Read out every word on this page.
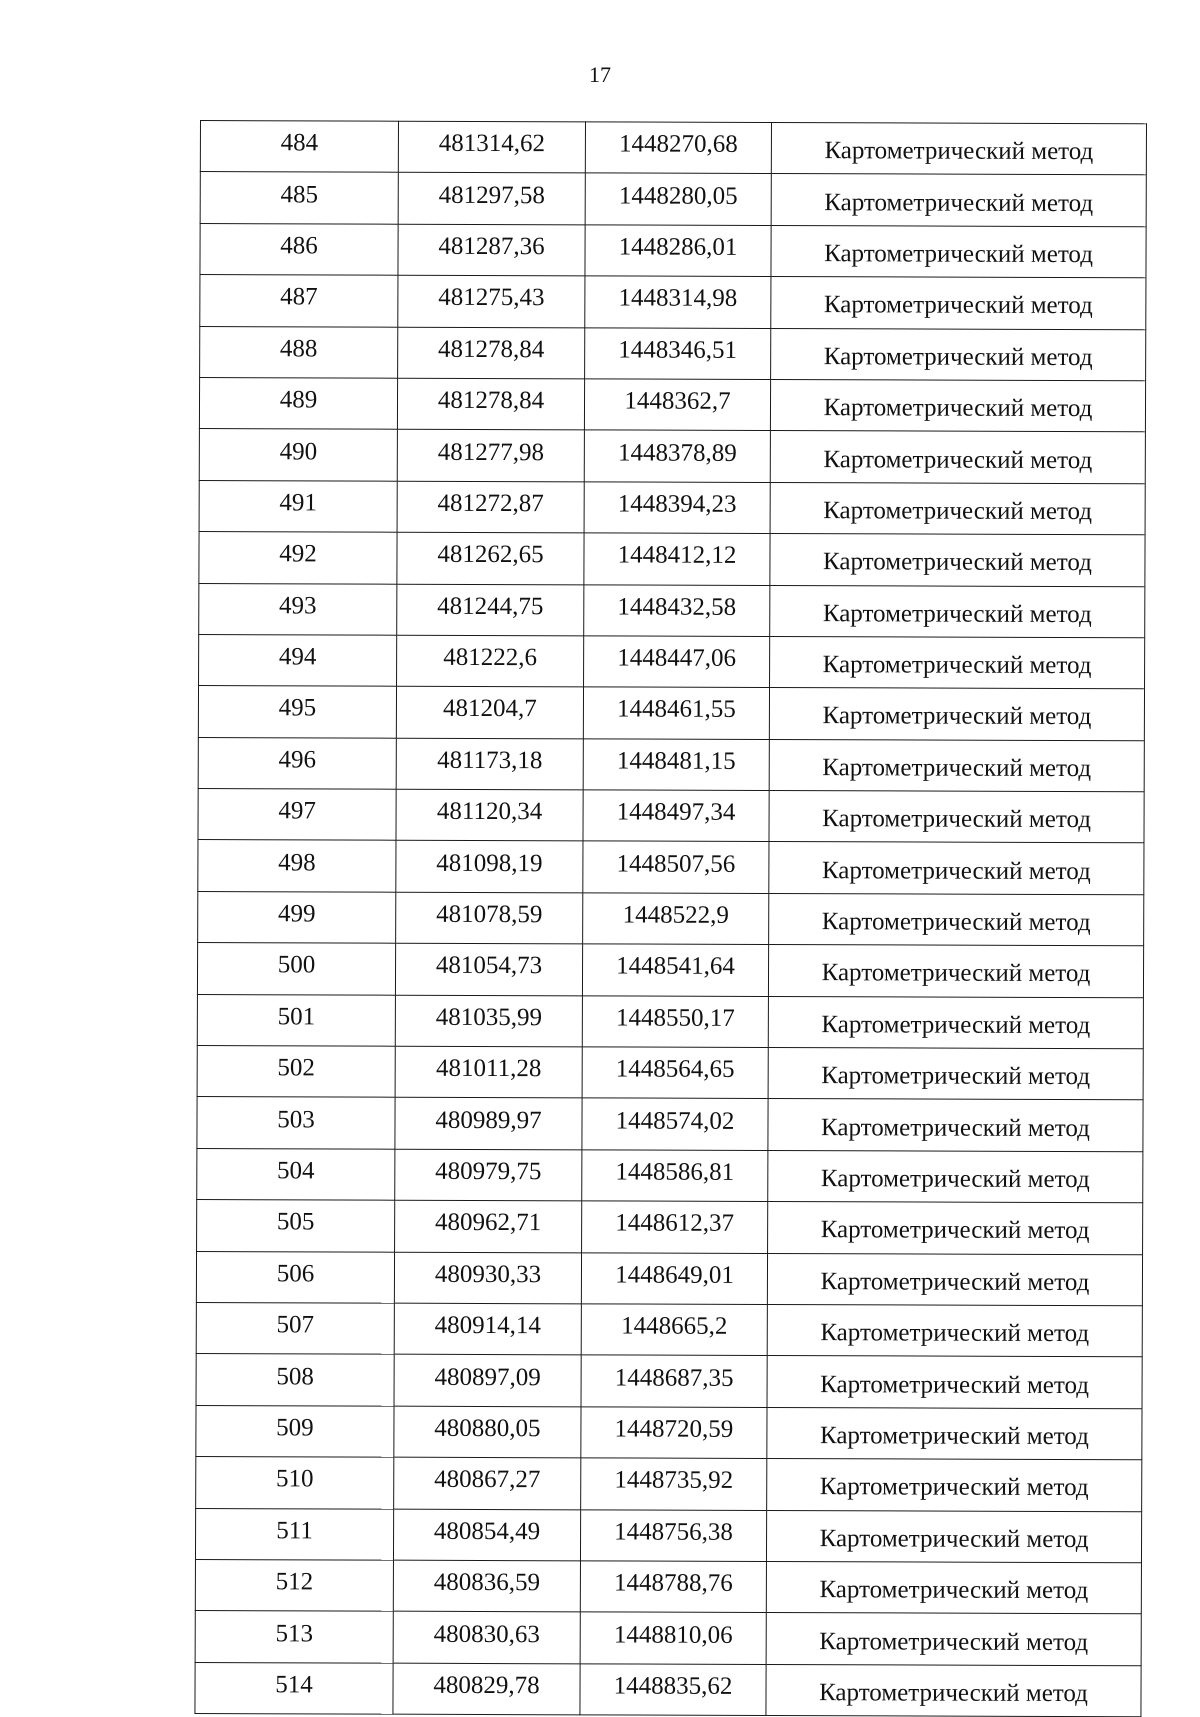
17
484	481314,62	1448270,68	Картометрический метод
485	481297,58	1448280,05	Картометрический метод
486	481287,36	1448286,01	Картометрический метод
487	481275,43	1448314,98	Картометрический метод
488	481278,84	1448346,51	Картометрический метод
489	481278,84	1448362,7	Картометрический метод
490	481277,98	1448378,89	Картометрический метод
491	481272,87	1448394,23	Картометрический метод
492	481262,65	1448412,12	Картометрический метод
493	481244,75	1448432,58	Картометрический метод
494	481222,6	1448447,06	Картометрический метод
495	481204,7	1448461,55	Картометрический метод
496	481173,18	1448481,15	Картометрический метод
497	481120,34	1448497,34	Картометрический метод
498	481098,19	1448507,56	Картометрический метод
499	481078,59	1448522,9	Картометрический метод
500	481054,73	1448541,64	Картометрический метод
501	481035,99	1448550,17	Картометрический метод
502	481011,28	1448564,65	Картометрический метод
503	480989,97	1448574,02	Картометрический метод
504	480979,75	1448586,81	Картометрический метод
505	480962,71	1448612,37	Картометрический метод
506	480930,33	1448649,01	Картометрический метод
507	480914,14	1448665,2	Картометрический метод
508	480897,09	1448687,35	Картометрический метод
509	480880,05	1448720,59	Картометрический метод
510	480867,27	1448735,92	Картометрический метод
511	480854,49	1448756,38	Картометрический метод
512	480836,59	1448788,76	Картометрический метод
513	480830,63	1448810,06	Картометрический метод
514	480829,78	1448835,62	Картометрический метод
